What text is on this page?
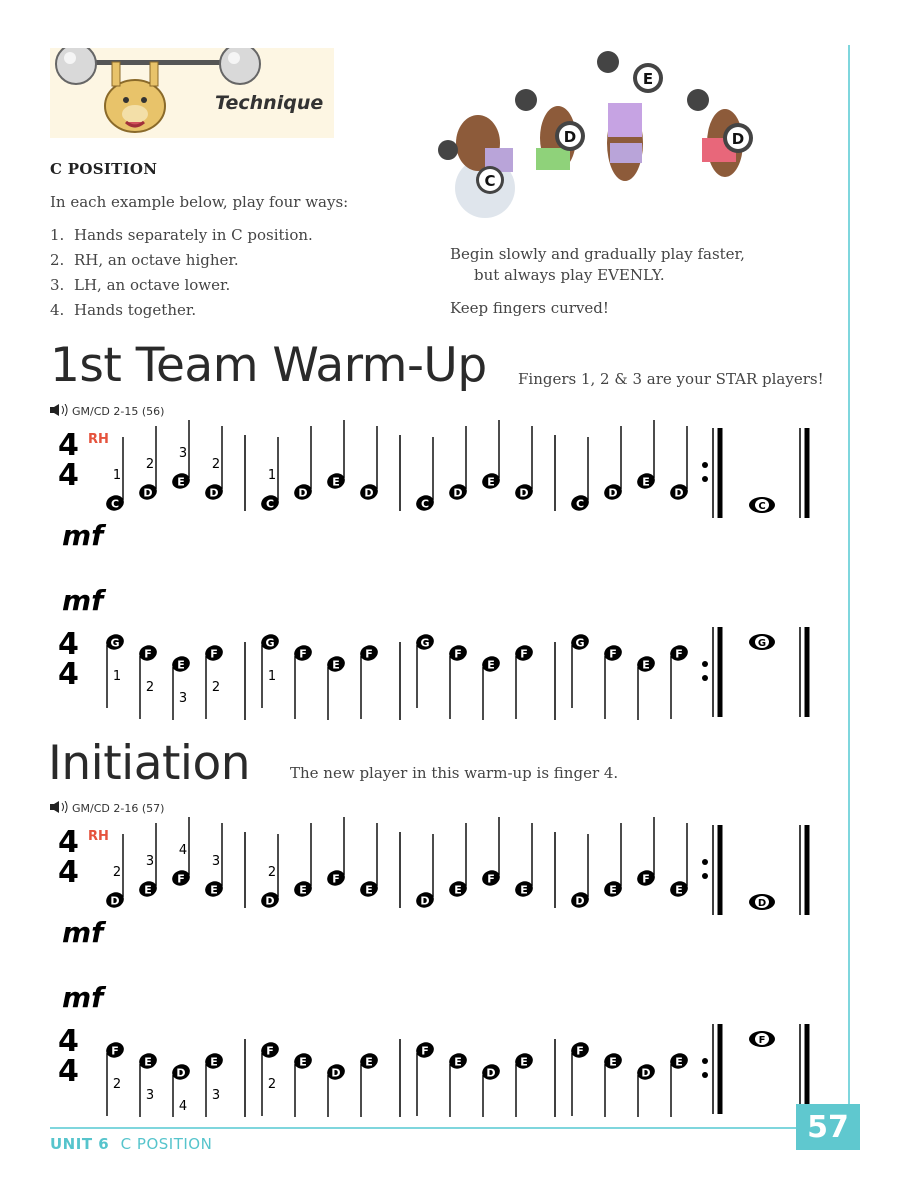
Technique
C POSITION
In each example below, play four ways:
1. Hands separately in C position.
2. RH, an octave higher.
3. LH, an octave lower.
4. Hands together.
C
D
E
D
Begin slowly and gradually play faster,
but always play EVENLY.
Keep fingers curved!
1st Team Warm-Up Fingers 1, 2 & 3 are your STAR players!
GM/CD 2-15 (56)
4
4
C
1
D
2
E
3
D
2
C
1
D
E
D
C
D
E
D
C
D
E
D
C
RH
mf
mf
4
4
G
1
F
2
E
3
F
2
G
1
F
E
F
G
F
E
F
G
F
E
F
G
Initiation	The new player in this warm-up is finger 4.
GM/CD 2-16 (57)
4
4
D
2
E
3
F
4
E
3
D
2
E
F
E
D
E
F
E
D
E
F
E
D
RH
mf
mf
4
4
F
2
E
3
D
4
E
3
F
2
E
D
E
F
E
D
E
F
E
D
E
F
UNIT 6 C POSITION	57
